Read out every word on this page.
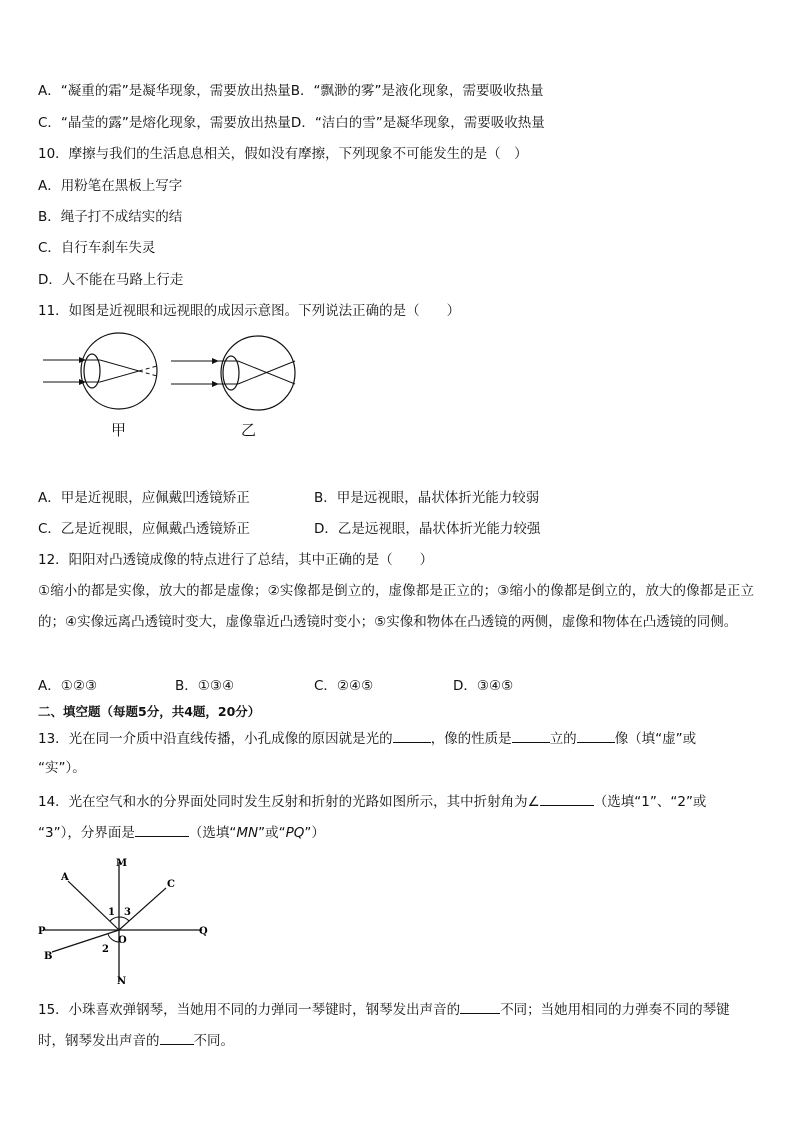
A．“凝重的霜”是凝华现象，需要放出热量B．“飘渺的雾”是液化现象，需要吸收热量
C．“晶莹的露”是熔化现象，需要放出热量D．“洁白的雪”是凝华现象，需要吸收热量
10．摩擦与我们的生活息息相关，假如没有摩擦，下列现象不可能发生的是（　）
A．用粉笔在黑板上写字
B．绳子打不成结实的结
C．自行车刹车失灵
D．人不能在马路上行走
11．如图是近视眼和远视眼的成因示意图。下列说法正确的是（　　）
甲	乙
A．甲是近视眼，应佩戴凹透镜矫正	B．甲是远视眼，晶状体折光能力较弱
C．乙是近视眼，应佩戴凸透镜矫正	D．乙是远视眼，晶状体折光能力较强
12．阳阳对凸透镜成像的特点进行了总结，其中正确的是（　　）
①缩小的都是实像，放大的都是虚像；②实像都是倒立的，虚像都是正立的；③缩小的像都是倒立的，放大的像都是正立的；④实像远离凸透镜时变大，虚像靠近凸透镜时变小；⑤实像和物体在凸透镜的两侧，虚像和物体在凸透镜的同侧。
A．①②③	B．①③④	C．②④⑤	D．③④⑤
二、填空题（每题5分，共4题，20分）
13．光在同一介质中沿直线传播，小孔成像的原因就是光的	，像的性质是	立的	像（填“虚”或
“实”）。
14．光在空气和水的分界面处同时发生反射和折射的光路如图所示，其中折射角为∠	（选填“1”、“2”或
“3”），分界面是	（选填“MN”或“PQ”）
M
N
P	Q
O
A
B
C
1 3
2
15．小珠喜欢弹钢琴，当她用不同的力弹同一琴键时，钢琴发出声音的	不同；当她用相同的力弹奏不同的琴键
时，钢琴发出声音的	不同。
